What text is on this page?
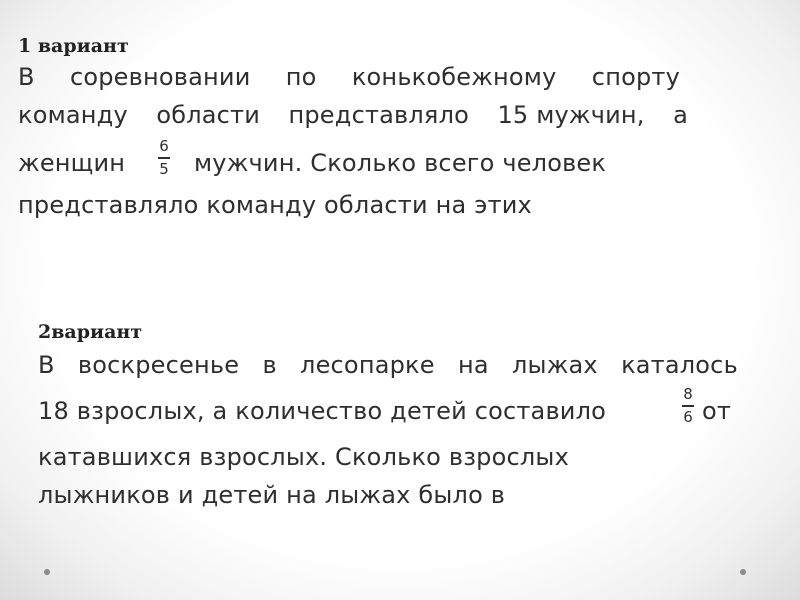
1 вариант
В соревновании по конькобежному спорту
команду области представляло 15 мужчин, а
женщин
6
5 мужчин. Сколько всего человек
представляло команду области на этих
2вариант
В воскресенье в лесопарке на лыжах каталось
18 взрослых, а количество детей составило
8
6 от
катавшихся взрослых. Сколько взрослых
лыжников и детей на лыжах было в
